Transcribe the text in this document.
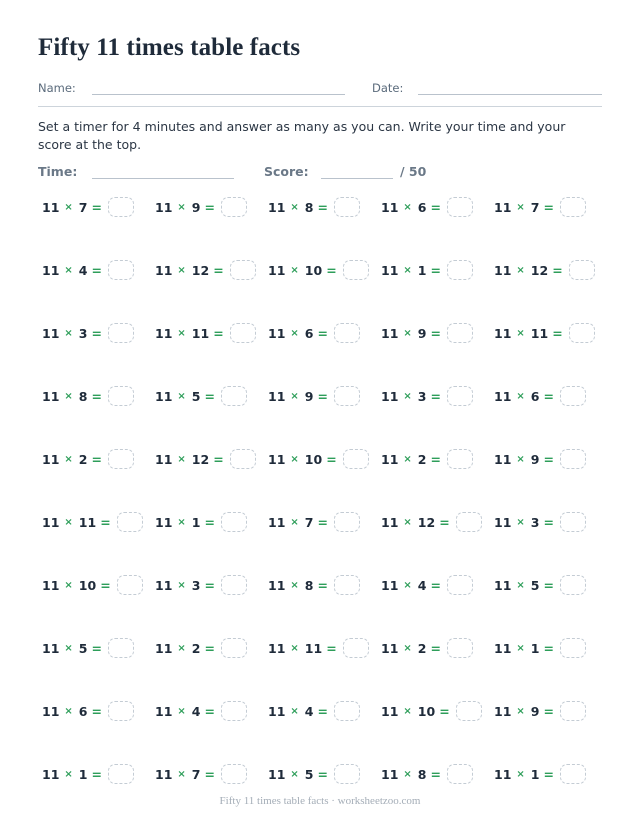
Fifty 11 times table facts
Name:	Date:
Set a timer for 4 minutes and answer as many as you can. Write your time and your score at the top.
Time:	Score:	/ 50
11 × 7 =	11 × 9 =	11 × 8 =	11 × 6 =	11 × 7 =
11 × 4 =	11 × 12 =	11 × 10 =	11 × 1 =	11 × 12 =
11 × 3 =	11 × 11 =	11 × 6 =	11 × 9 =	11 × 11 =
11 × 8 =	11 × 5 =	11 × 9 =	11 × 3 =	11 × 6 =
11 × 2 =	11 × 12 =	11 × 10 =	11 × 2 =	11 × 9 =
11 × 11 =	11 × 1 =	11 × 7 =	11 × 12 =	11 × 3 =
11 × 10 =	11 × 3 =	11 × 8 =	11 × 4 =	11 × 5 =
11 × 5 =	11 × 2 =	11 × 11 =	11 × 2 =	11 × 1 =
11 × 6 =	11 × 4 =	11 × 4 =	11 × 10 =	11 × 9 =
11 × 1 =	11 × 7 =	11 × 5 =	11 × 8 =	11 × 1 =
Fifty 11 times table facts · worksheetzoo.com
